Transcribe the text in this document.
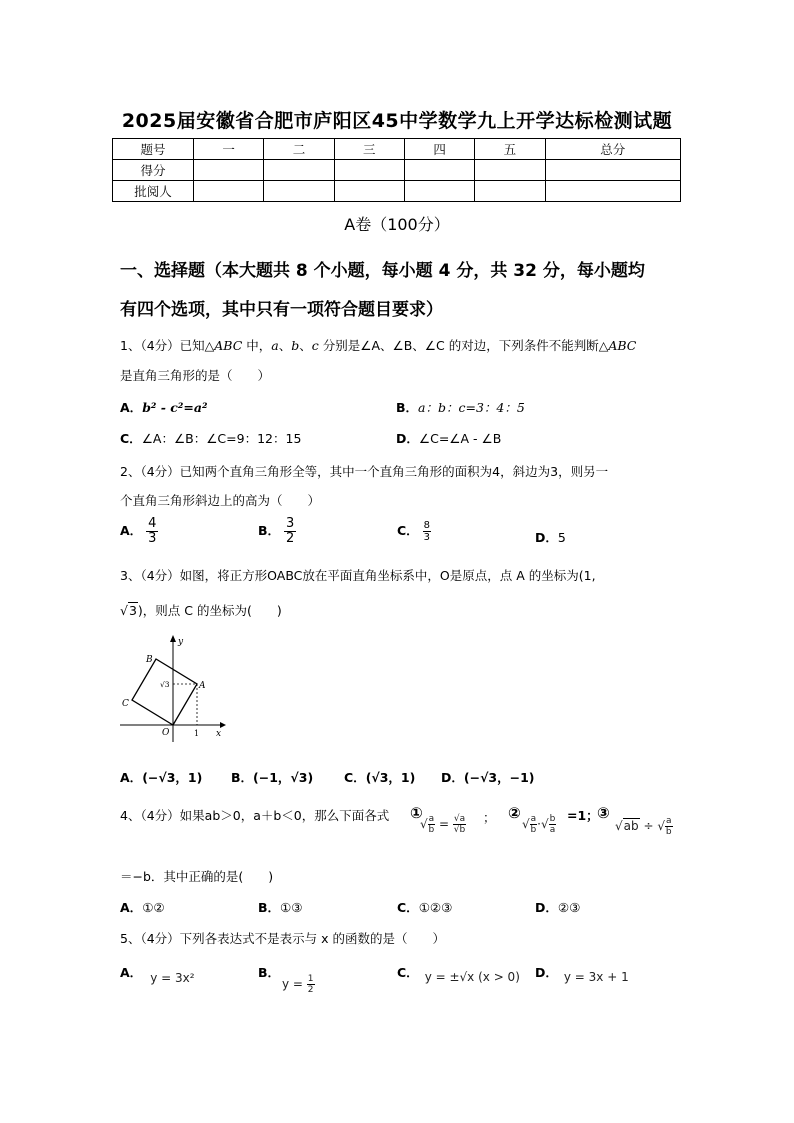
2025届安徽省合肥市庐阳区45中学数学九上开学达标检测试题
题号	一	二	三	四	五	总分
得分						
批阅人						
A卷（100分）
一、选择题（本大题共 8 个小题，每小题 4 分，共 32 分，每小题均
有四个选项，其中只有一项符合题目要求）
1、（4分）已知△ABC 中，a、b、c 分别是∠A、∠B、∠C 的对边，下列条件不能判断△ABC
是直角三角形的是（　　）
A．b² - c²=a²	B．a：b：c=3：4：5
C．∠A：∠B：∠C=9：12：15	D．∠C=∠A - ∠B
2、（4分）已知两个直角三角形全等，其中一个直角三角形的面积为4，斜边为3，则另一
个直角三角形斜边上的高为（　　）
A． $\frac{4}{3}$	B． $\frac{3}{2}$	C． $\frac{8}{3}$	D．5
3、（4分）如图，将正方形OABC放在平面直角坐标系中，O是原点，点 A 的坐标为(1,
√3)，则点 C 的坐标为(　　)
y
x
B
A
C
O	1
√3
A．(−√3，1) B．(−1，√3) C．(√3，1) D．(−√3，−1)
4、（4分）如果ab＞0，a＋b＜0，那么下面各式 ①
√ $\frac{a}{b} = \frac{√a}{√b}$ ； ②
√ $\frac{a}{b}$ ·√ $\frac{b}{a} =1$；
③
√ab ÷ √ $\frac{a}{b}$
＝−b．其中正确的是(　　)
A．①②	B．①③	C．①②③	D．②③
5、（4分）下列各表达式不是表示与 x 的函数的是（　　）
A． y = 3x²	B．
$y = \frac{1}{2}$
C． y = ±√x (x > 0) D． y = 3x + 1
